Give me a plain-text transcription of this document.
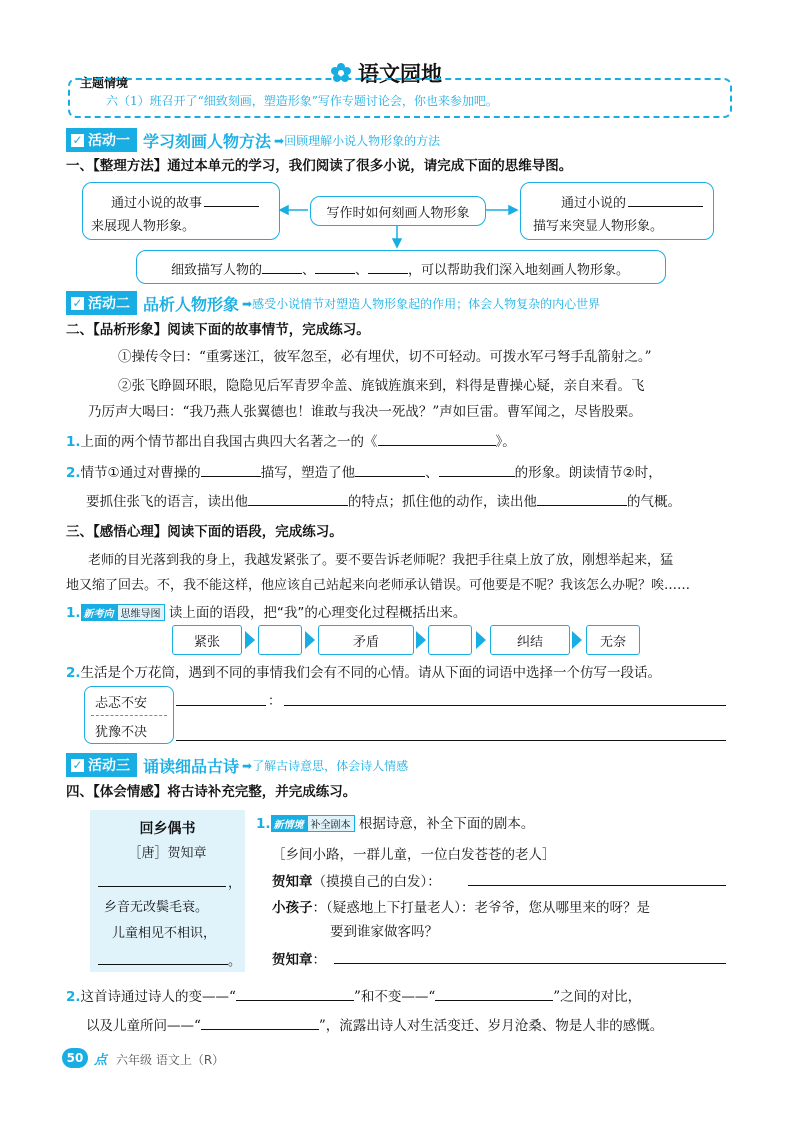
语文园地
主题情境
六（1）班召开了“细致刻画，塑造形象”写作专题讨论会，你也来参加吧。
✓ 活动一 学习刻画人物方法 ➡回顾理解小说人物形象的方法
一、【整理方法】通过本单元的学习，我们阅读了很多小说，请完成下面的思维导图。
通过小说的故事
来展现人物形象。
写作时如何刻画人物形象
通过小说的
描写来突显人物形象。
细致描写人物的	、	、	，可以帮助我们深入地刻画人物形象。
✓ 活动二 品析人物形象 ➡感受小说情节对塑造人物形象起的作用；体会人物复杂的内心世界
二、【品析形象】阅读下面的故事情节，完成练习。
①操传令曰：“重雾迷江，彼军忽至，必有埋伏，切不可轻动。可拨水军弓弩手乱箭射之。”
②张飞睁圆环眼，隐隐见后军青罗伞盖、旄钺旌旗来到，料得是曹操心疑，亲自来看。飞
乃厉声大喝曰：“我乃燕人张翼德也！谁敢与我决一死战？”声如巨雷。曹军闻之，尽皆股栗。
1.上面的两个情节都出自我国古典四大名著之一的《	》。
2.情节①通过对曹操的	描写，塑造了他	、	的形象。朗读情节②时，
要抓住张飞的语言，读出他	的特点；抓住他的动作，读出他	的气概。
三、【感悟心理】阅读下面的语段，完成练习。
老师的目光落到我的身上，我越发紧张了。要不要告诉老师呢？我把手往桌上放了放，刚想举起来，猛
地又缩了回去。不，我不能这样，他应该自己站起来向老师承认错误。可他要是不呢？我该怎么办呢？唉……
1. 新考向 思维导图 读上面的语段，把“我”的心理变化过程概括出来。
紧张	矛盾	纠结	无奈
2.生活是个万花筒，遇到不同的事情我们会有不同的心情。请从下面的词语中选择一个仿写一段话。
忐忑不安
犹豫不决
：
✓ 活动三 诵读细品古诗 ➡了解古诗意思，体会诗人情感
四、【体会情感】将古诗补充完整，并完成练习。
回乡偶书
［唐］贺知章
，
乡音无改鬓毛衰。
儿童相见不相识，
。
1. 新情境 补全剧本 根据诗意，补全下面的剧本。
［乡间小路，一群儿童，一位白发苍苍的老人］
贺知章（摸摸自己的白发）：
小孩子：（疑惑地上下打量老人）：老爷爷，您从哪里来的呀？是
要到谁家做客吗？
贺知章：
2.这首诗通过诗人的变——“	”和不变——“	”之间的对比，
以及儿童所问——“	”，流露出诗人对生活变迁、岁月沧桑、物是人非的感慨。
50 点 六年级 语文上（R）
